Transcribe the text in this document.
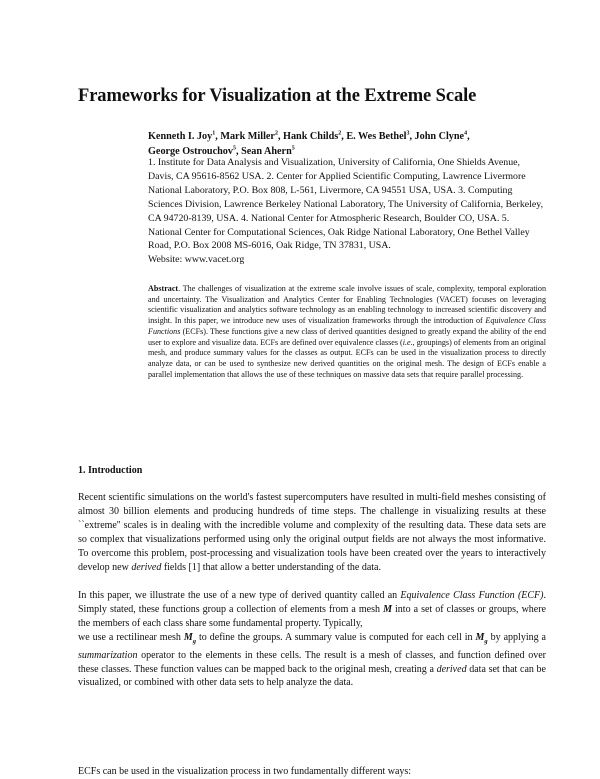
Frameworks for Visualization at the Extreme Scale
Kenneth I. Joy$^1$, Mark Miller$^2$, Hank Childs$^2$, E. Wes Bethel$^3$, John Clyne$^4$,
George Ostrouchov$^5$, Sean Ahern$^5$
1. Institute for Data Analysis and Visualization, University of California, One Shields Avenue, Davis, CA 95616-8562 USA. 2. Center for Applied Scientific Computing, Lawrence Livermore National Laboratory, P.O. Box 808, L-561, Livermore, CA 94551 USA, USA. 3. Computing Sciences Division, Lawrence Berkeley National Laboratory, The University of California, Berkeley, CA 94720-8139, USA. 4. National Center for Atmospheric Research, Boulder CO, USA. 5. National Center for Computational Sciences, Oak Ridge National Laboratory, One Bethel Valley Road, P.O. Box 2008 MS-6016, Oak Ridge, TN 37831, USA.
Website: www.vacet.org
Abstract. The challenges of visualization at the extreme scale involve issues of scale, complexity, temporal exploration and uncertainty. The Visualization and Analytics Center for Enabling Technologies (VACET) focuses on leveraging scientific visualization and analytics software technology as an enabling technology to increased scientific discovery and insight. In this paper, we introduce new uses of visualization frameworks through the introduction of Equivalence Class Functions (ECFs). These functions give a new class of derived quantities designed to greatly expand the ability of the end user to explore and visualize data. ECFs are defined over equivalence classes (i.e., groupings) of elements from an original mesh, and produce summary values for the classes as output. ECFs can be used in the visualization process to directly analyze data, or can be used to synthesize new derived quantities on the original mesh. The design of ECFs enable a parallel implementation that allows the use of these techniques on massive data sets that require parallel processing.
1. Introduction
Recent scientific simulations on the world's fastest supercomputers have resulted in multi-field meshes consisting of almost 30 billion elements and producing hundreds of time steps. The challenge in visualizing results at these ``extreme'' scales is in dealing with the incredible volume and complexity of the resulting data. These data sets are so complex that visualizations performed using only the original output fields are not always the most informative. To overcome this problem, post-processing and visualization tools have been created over the years to interactively develop new derived fields [1] that allow a better understanding of the data.
In this paper, we illustrate the use of a new type of derived quantity called an Equivalence Class Function (ECF). Simply stated, these functions group a collection of elements from a mesh M into a set of classes or groups, where the members of each class share some fundamental property. Typically,
we use a rectilinear mesh $M_g$ to define the groups. A summary value is computed for each cell in $M_g$ by applying a summarization operator to the elements in these cells. The result is a mesh of classes, and function defined over these classes. These function values can be mapped back to the original mesh, creating a derived data set that can be visualized, or combined with other data sets to help analyze the data.
ECFs can be used in the visualization process in two fundamentally different ways:
